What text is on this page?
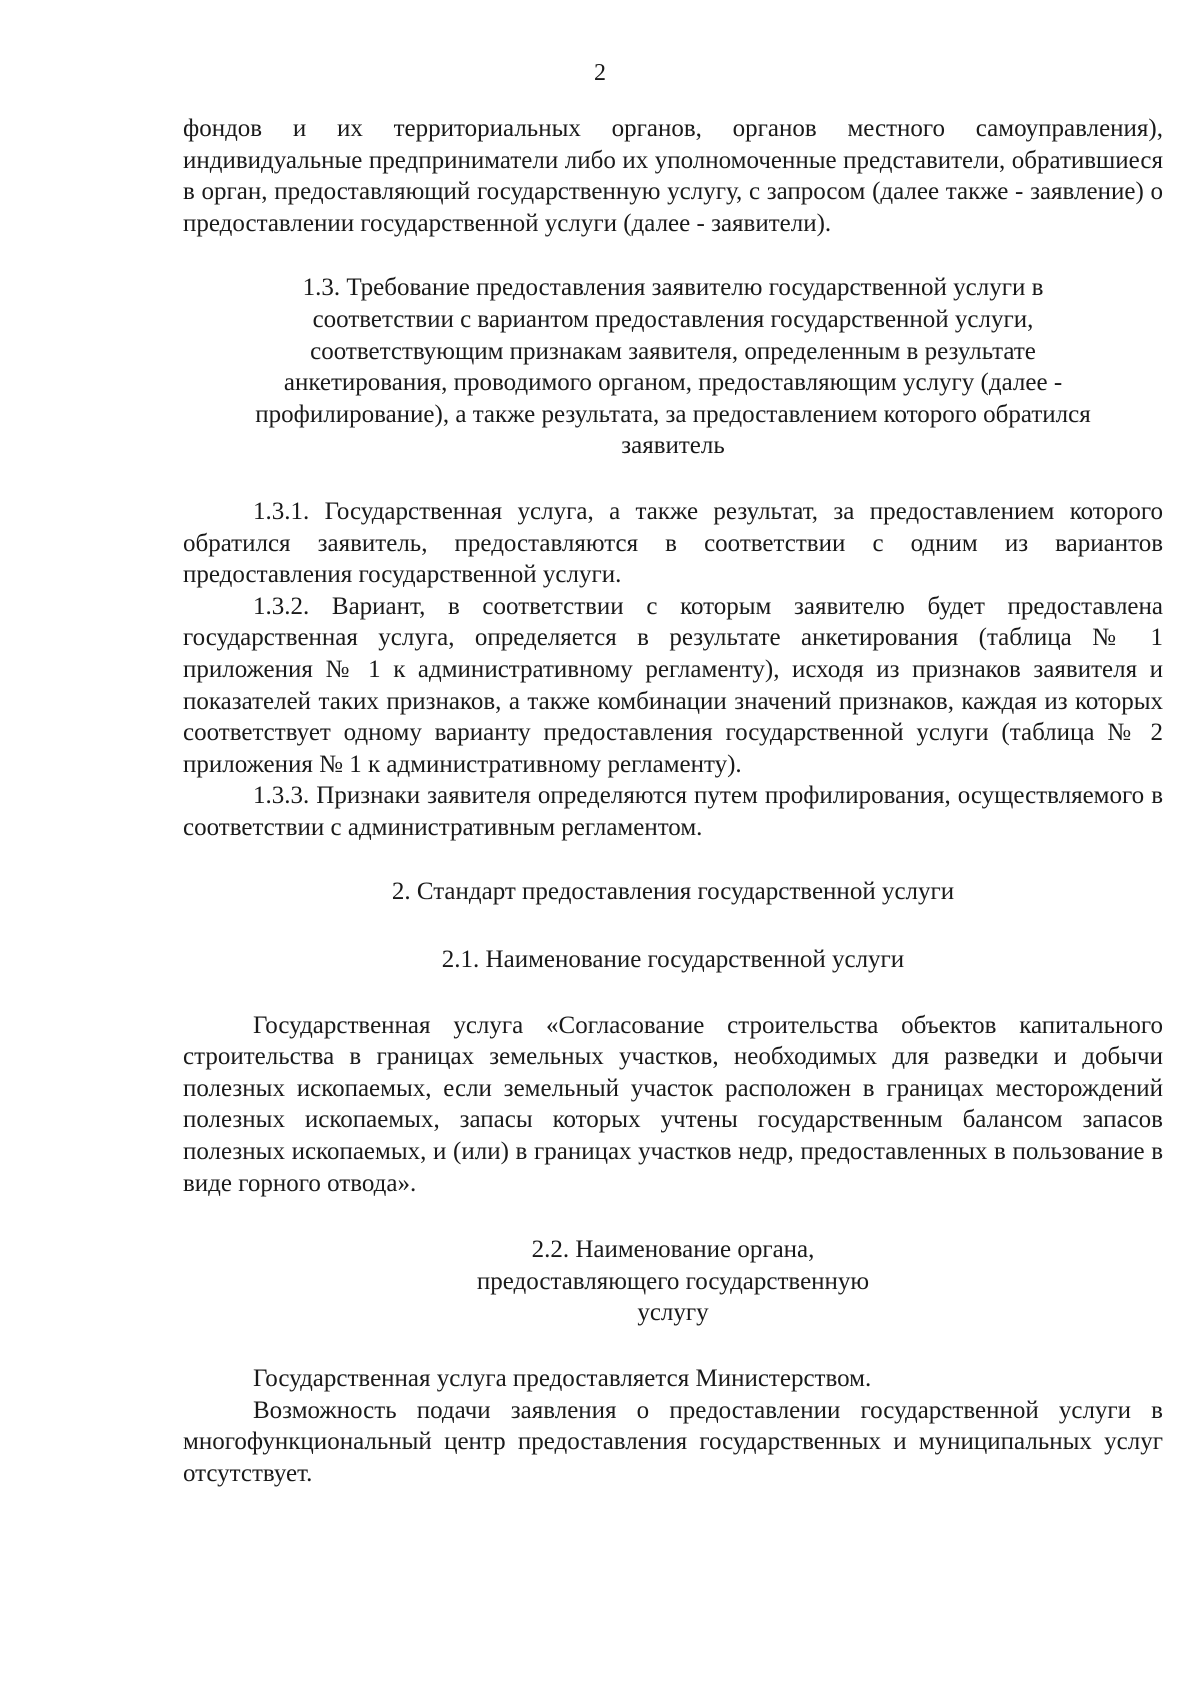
2

фондов и их территориальных органов, органов местного самоуправления), индивидуальные предприниматели либо их уполномоченные представители, обратившиеся в орган, предоставляющий государственную услугу, с запросом (далее также - заявление) о предоставлении государственной услуги (далее - заявители).

1.3. Требование предоставления заявителю государственной услуги в соответствии с вариантом предоставления государственной услуги, соответствующим признакам заявителя, определенным в результате анкетирования, проводимого органом, предоставляющим услугу (далее - профилирование), а также результата, за предоставлением которого обратился заявитель

1.3.1. Государственная услуга, а также результат, за предоставлением которого обратился заявитель, предоставляются в соответствии с одним из вариантов предоставления государственной услуги.

1.3.2. Вариант, в соответствии с которым заявителю будет предоставлена государственная услуга, определяется в результате анкетирования (таблица № 1 приложения № 1 к административному регламенту), исходя из признаков заявителя и показателей таких признаков, а также комбинации значений признаков, каждая из которых соответствует одному варианту предоставления государственной услуги (таблица № 2 приложения № 1 к административному регламенту).

1.3.3. Признаки заявителя определяются путем профилирования, осуществляемого в соответствии с административным регламентом.

2. Стандарт предоставления государственной услуги

2.1. Наименование государственной услуги

Государственная услуга «Согласование строительства объектов капитального строительства в границах земельных участков, необходимых для разведки и добычи полезных ископаемых, если земельный участок расположен в границах месторождений полезных ископаемых, запасы которых учтены государственным балансом запасов полезных ископаемых, и (или) в границах участков недр, предоставленных в пользование в виде горного отвода».

2.2. Наименование органа, предоставляющего государственную услугу

Государственная услуга предоставляется Министерством.

Возможность подачи заявления о предоставлении государственной услуги в многофункциональный центр предоставления государственных и муниципальных услуг отсутствует.
